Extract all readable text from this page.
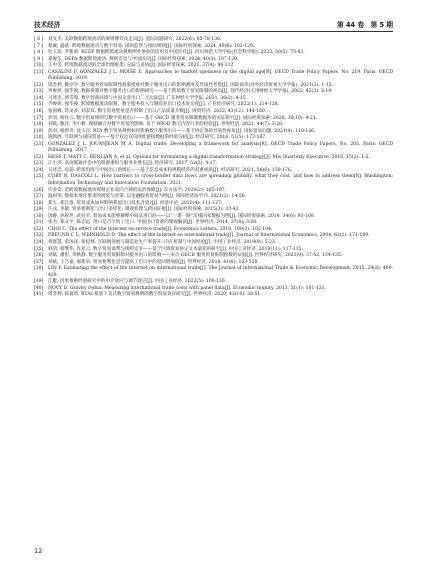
技术经济	第 44 卷　第 5 期
[ 6 ] 刘文杰. 美欧数据跨境流动的规则博弈及走向[J]. 国际问题研究, 2022(6): 65-78-136.
[ 7 ] 蔡翼, 盛斌. 跨境数据流动与数字贸易: 国内监管与国际规则[J]. 国际经贸探索, 2024, 40(6): 102-120.
[ 8 ] 杜玉琼, 罗新莉. RCEP 数据跨境流动规则例外条款的适用及中国应对[J]. 四川师范大学学报(社会科学版), 2023, 50(5): 75-83.
[ 9 ] 翟俊生. DEPA 数据跨境流动: 规则差异与中国因应[J]. 国际经贸探索, 2024, 40(3): 107-120.
[10] 王中美. 跨境数据流动的全球治理框架: 分歧与妥协[J]. 国际经贸探索, 2021, 37(4): 98-112.
[11] CASALINI F, GONZÁLEZ J L, MOÏSÉ E. Approaches to market openness in the digital age[R]. OECD Trade Policy Papers, No. 219. Paris: OECD Publishing, 2019.
[12] 周念利, 姚亭亭. 数字服务贸易限制性政策壁垒对数字服务出口的影响测度及异质性考察[J]. 国际商务(对外经济贸易大学学报), 2021(2): 1-15.
[13] 齐俊妍, 强华俊. 数据规制对数字服务出口的影响研究——基于跨境数字贸易限制的视角[J]. 现代经济(天津财经大学学报), 2022, 42(3): 3-19.
[14] 马述忠, 郭雪瑞. 数字营商环境与中国企业出口二元边际[J]. 广东财经大学学报, 2021, 36(2): 4-15.
[15] 齐俊妍, 强华俊. 跨境数据流动限制、数字服务投入与制造业出口技术复杂度[J]. 产业经济研究, 2022(1): 114-128.
[16] 张国峰, 蒋灵多, 刘双双. 数字贸易壁垒是否抑制了出口产品质量升级[J]. 财贸经济, 2022, 43(12): 144-160.
[17] 彭羽, 杨作云. 数字贸易规则与数字贸易出口——基于 OECD 服务贸易限制数据库的实证研究[J]. 国际经贸探索, 2020, 36(10): 4-21.
[18] 刘斌, 甄洋, 李小帆. 规制融合对数字贸易的影响: 基于 WIOD 数字内容行业的检验[J]. 世界经济, 2021, 44(7): 3-28.
[19] 彭羽, 杨碧舟, 沈玉良. RTA 数字贸易规则如何影响数字服务出口——基于协定条款异质性视角[J]. 国际贸易问题, 2021(4): 110-126.
[20] 施炳展. 互联网与国际贸易——基于双边双向网址链接数据的经验分析[J]. 经济研究, 2016, 51(5): 172-187.
[21] GONZÁLEZ J L, JOUANJEAN M A. Digital trade: Developing a framework for analysis[R]. OECD Trade Policy Papers, No. 205. Paris: OECD Publishing, 2017.
[22] HESS T, MATT C, BENLIAN A, et al. Options for formulating a digital transformation strategy[J]. Mis Quarterly Executive, 2016, 15(2): 1-2.
[23] 江小涓. 高度联通社会中的资源重组与服务业增长[J]. 经济研究, 2017, 52(3): 4-17.
[24] 马述忠, 房超. 跨境电商与中国出口新增长——基于信息成本和规模经济的双重视角[J]. 经济研究, 2021, 56(6): 159-176.
[25] CORY N, DASCOLI L. How barriers to cross-border data flows are spreading globally, what they cost, and how to address them[R]. Washington: Information Technology and Innovation Foundation, 2021.
[26] 许多奇. 论跨境数据流动规制企业双向合规的法治保障[J]. 东方法学, 2020(2): 185-197.
[27] 温树英. 数据本地化要求的困境与对策: 以金融服务贸易为例[J]. 国际经济法学刊, 2021(2): 14-26.
[28] 郑玉, 郑江淮. 贸易成本如何影响我国出口技术含量?[J]. 经济评论, 2020(4): 111-127.
[29] 汪戎, 李敏. 贸易便利化与出口多样化: 微观机理与跨国证据[J]. 国际经贸探索, 2015(3): 33-43.
[30] 唐静, 孙祝坪, 武拉平. 贸易成本能够解释中间品进口吗——以“一带一路”沿线国家数据为例[J]. 国际经贸探索, 2018, 34(6): 93-108.
[31] 张杰, 郑文平, 陈志远. 进口是否引致了出口: 中国出口奇迹的微观解读[J]. 世界经济, 2014, 37(6): 3-26.
[32] CHOI C. The effect of the Internet on service trade[J]. Economics Letters, 2010, 109(2): 102-104.
[33] FREUND C L, WEINHOLD D. The effect of the Internet on international trade[J]. Journal of International Economics, 2004, 62(1): 171-189.
[34] 黄群慧, 余泳泽, 张松林. 互联网发展与制造业生产率提升: 内在机制与中国经验[J]. 中国工业经济, 2019(8): 5-23.
[35] 韩剑, 蔡继伟, 许亚云. 数字贸易谈判与规则竞争——基于区域贸易协定文本量化的研究[J]. 中国工业经济, 2019(11): 117-135.
[36] 刘斌, 潘彤, 李秋静. 数字服务贸易限制对服务出口的影响——来自 OECD 服务贸易限制指数的证据[J]. 世界经济研究, 2021(9): 37-52, 134-135.
[37] 刘斌, 王乃嘉, 屠新泉. 贸易便利化是否提高了出口中的返回增加值[J]. 世界经济, 2018, 41(8): 103-128.
[38] LIN F. Estimating the effect of the Internet on international trade[J]. The Journal of International Trade & Economic Development, 2015, 24(3): 409-428.
[39] 江艇. 因果推断经验研究中的中介效应与调节效应[J]. 中国工业经济, 2022(5): 100-120.
[40] NOVY D. Gravity redux: Measuring international trade costs with panel data[J]. Economic Inquiry, 2013, 51(1): 101-121.
[41] 周念利, 陈寰琦. RTAs 框架下美式数字贸易规则的数字贸易效应研究[J]. 世界经济, 2020, 43(10): 28-51.
12
